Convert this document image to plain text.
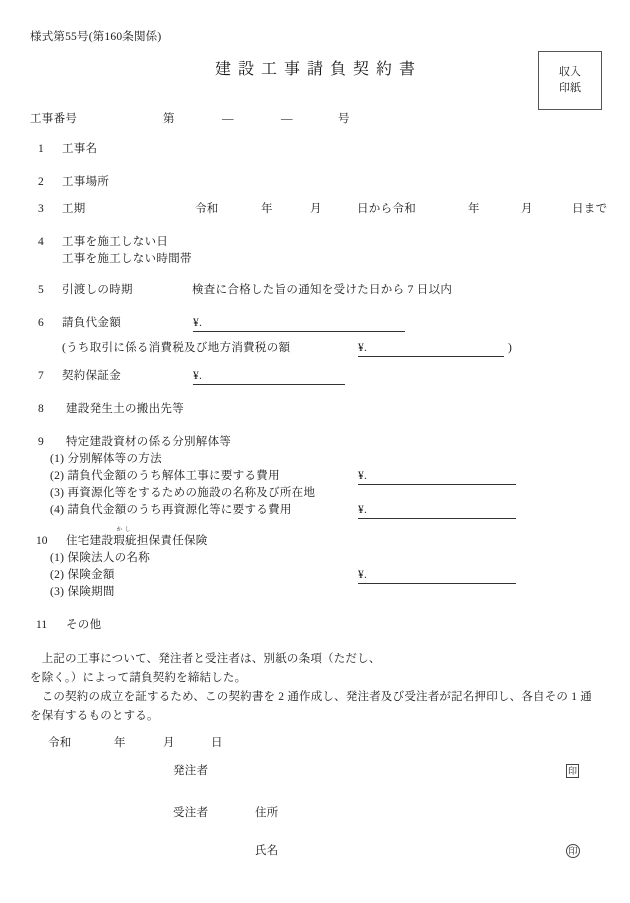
様式第55号(第160条関係)
建設工事請負契約書	収入
印紙
工事番号	第	―	―	号
1 工事名
2 工事場所
3 工期	令和	年	月	日から令和	年	月	日まで
4 工事を施工しない日
工事を施工しない時間帯
5 引渡しの時期	検査に合格した旨の通知を受けた日から 7 日以内
6 請負代金額	¥.
(うち取引に係る消費税及び地方消費税の額	¥.	)
7 契約保証金	¥.
8 建設発生土の搬出先等
9 特定建設資材の係る分別解体等
(1) 分別解体等の方法
(2) 請負代金額のうち解体工事に要する費用	¥.
(3) 再資源化等をするための施設の名称及び所在地
(4) 請負代金額のうち再資源化等に要する費用	¥.
10 住宅建設
かし
瑕疵担保責任保険
(1) 保険法人の名称
(2) 保険金額	¥.
(3) 保険期間
11 その他
　上記の工事について、発注者と受注者は、別紙の条項（ただし、
を除く。）によって請負契約を締結した。
　この契約の成立を証するため、この契約書を 2 通作成し、発注者及び受注者が記名押印し、各自その 1 通
を保有するものとする。
令和	年	月	日
発注者	印
受注者	住所
氏名	印
